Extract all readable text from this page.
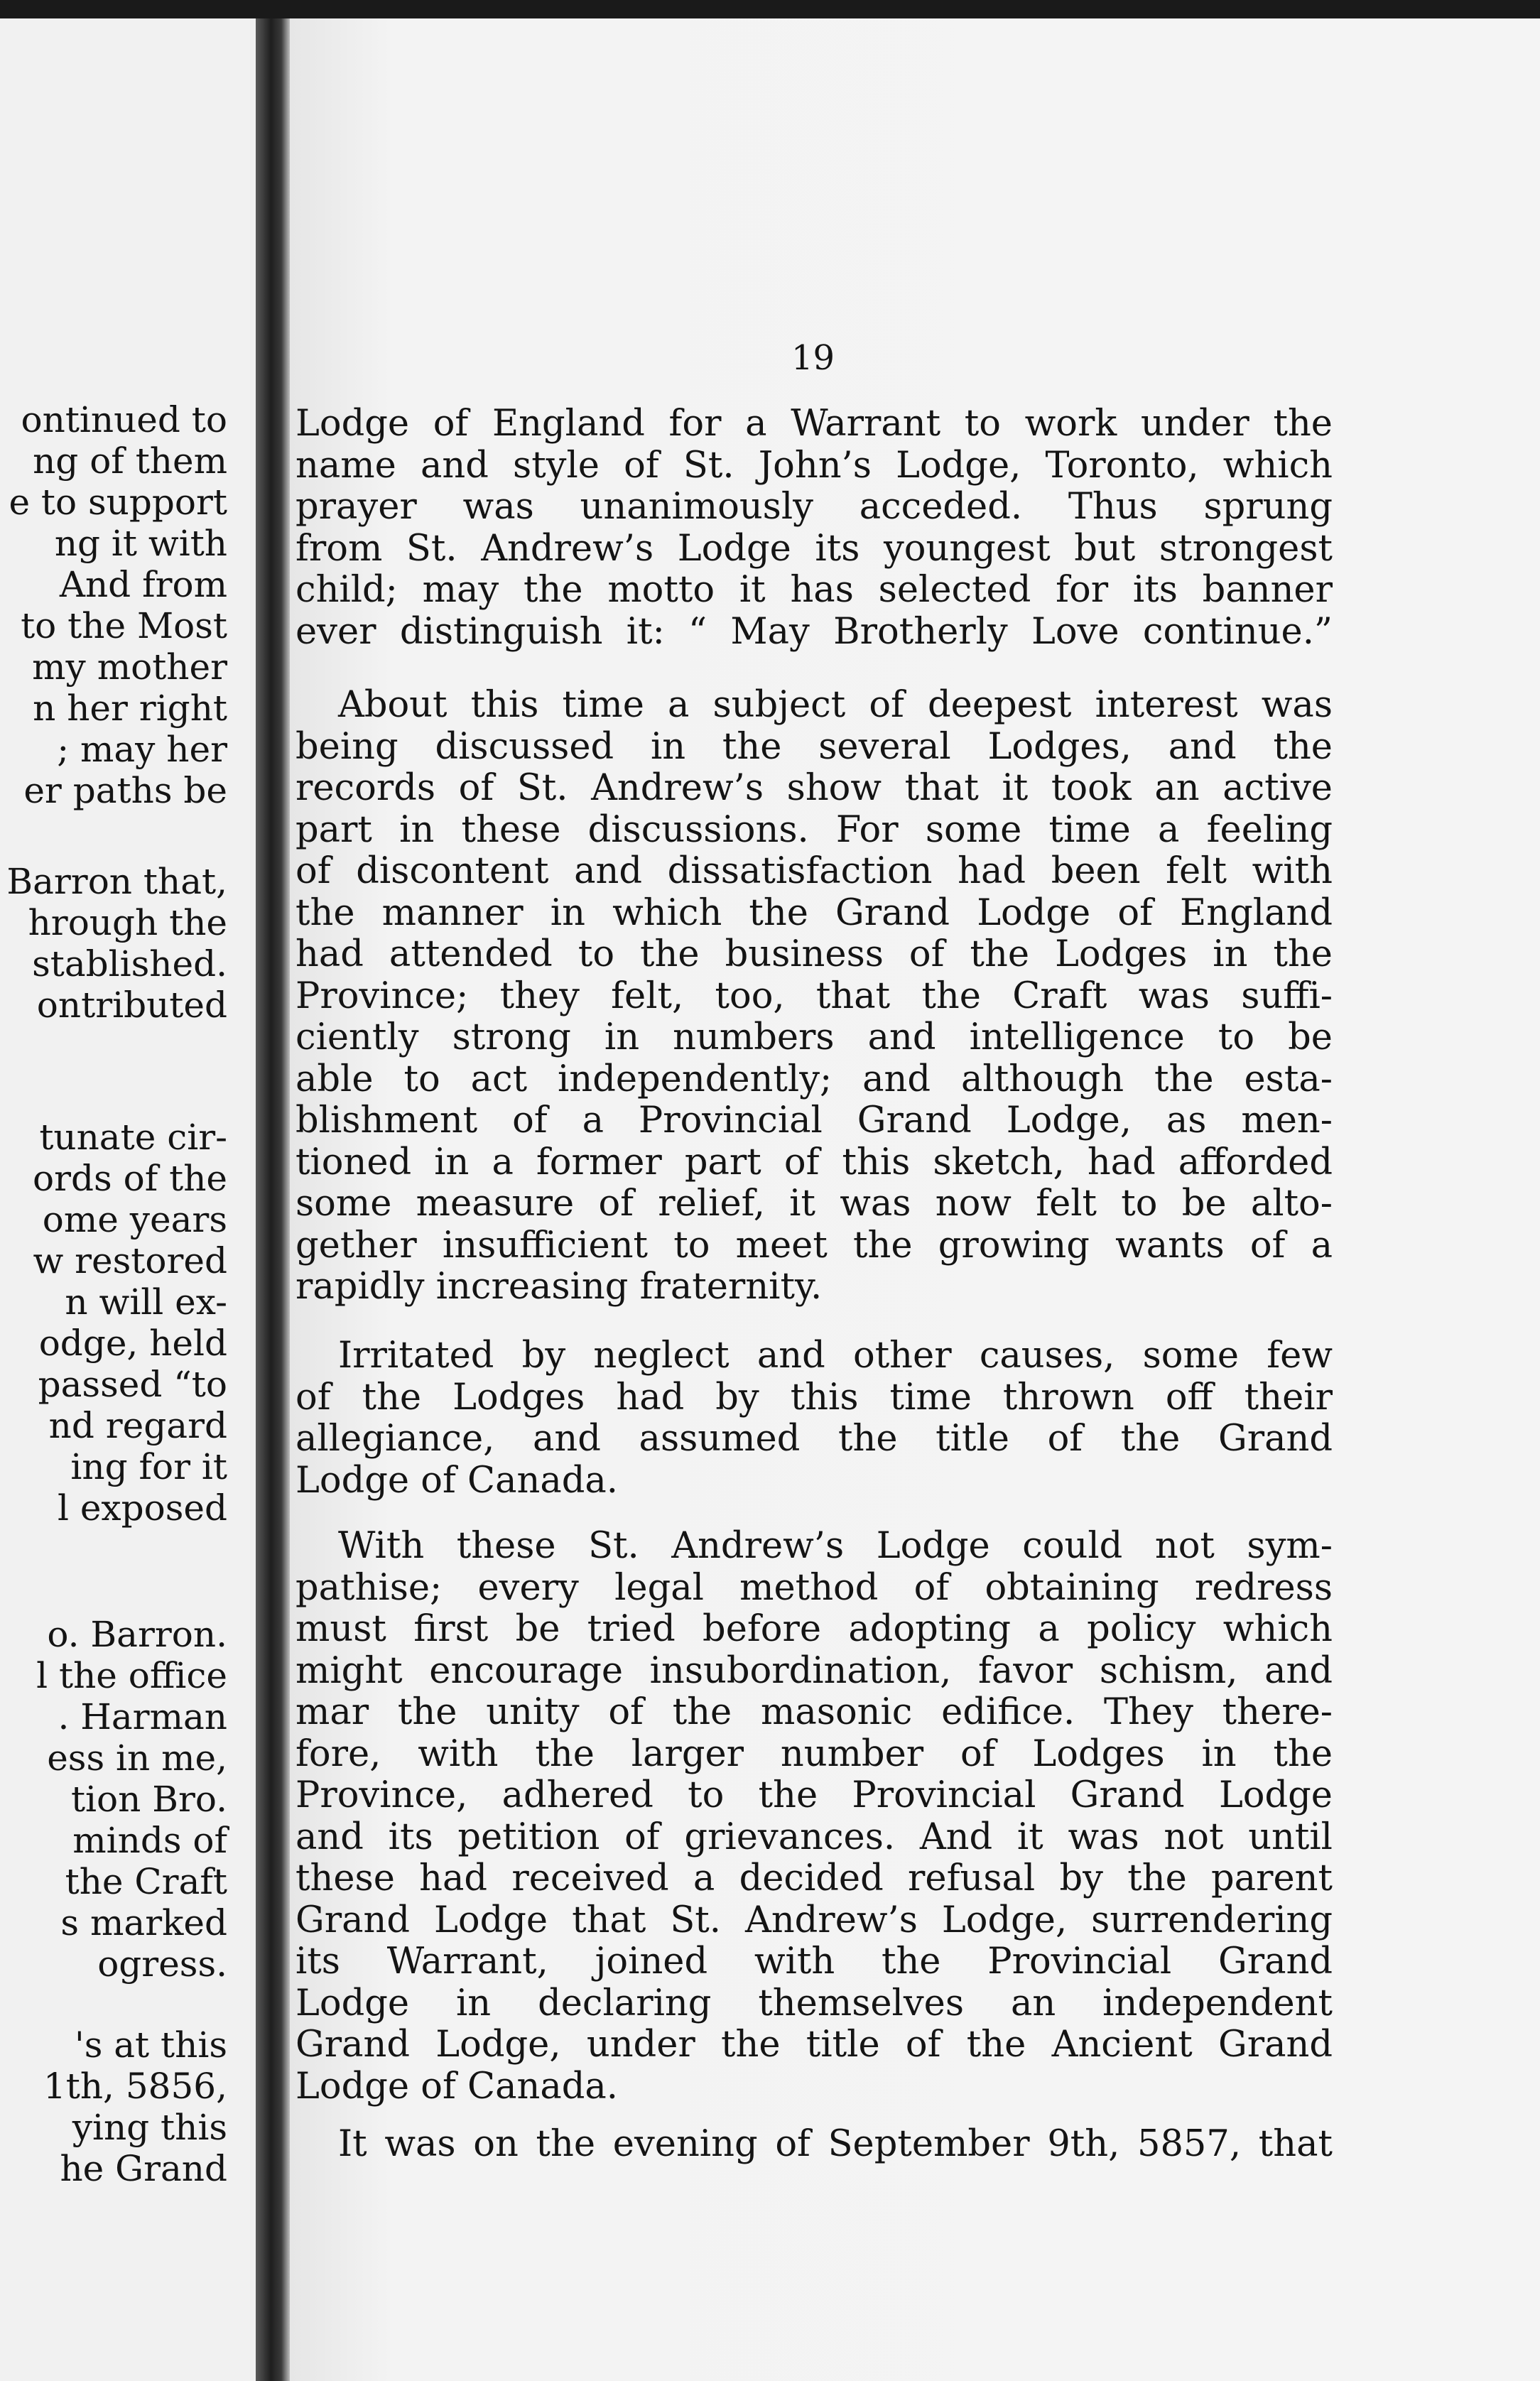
ontinued to
ng of them
e to support
ng it with
And from
to the Most
my mother
n her right
; may her
er paths be
Barron that,
hrough the
stablished.
ontributed
tunate cir-
ords of the
ome years
w restored
n will ex-
odge, held
passed “to
nd regard
ing for it
l exposed
o. Barron.
l the office
. Harman
ess in me,
tion Bro.
minds of
the Craft
s marked
ogress.
's at this
1th, 5856,
ying this
he Grand
19
Lodge of England for a Warrant to work under the
name and style of St. John’s Lodge, Toronto, which
prayer was unanimously acceded. Thus sprung
from St. Andrew’s Lodge its youngest but strongest
child; may the motto it has selected for its banner
ever distinguish it: “ May Brotherly Love continue.”
About this time a subject of deepest interest was
being discussed in the several Lodges, and the
records of St. Andrew’s show that it took an active
part in these discussions. For some time a feeling
of discontent and dissatisfaction had been felt with
the manner in which the Grand Lodge of England
had attended to the business of the Lodges in the
Province; they felt, too, that the Craft was suffi-
ciently strong in numbers and intelligence to be
able to act independently; and although the esta-
blishment of a Provincial Grand Lodge, as men-
tioned in a former part of this sketch, had afforded
some measure of relief, it was now felt to be alto-
gether insufficient to meet the growing wants of a
rapidly increasing fraternity.
Irritated by neglect and other causes, some few
of the Lodges had by this time thrown off their
allegiance, and assumed the title of the Grand
Lodge of Canada.
With these St. Andrew’s Lodge could not sym-
pathise; every legal method of obtaining redress
must first be tried before adopting a policy which
might encourage insubordination, favor schism, and
mar the unity of the masonic edifice. They there-
fore, with the larger number of Lodges in the
Province, adhered to the Provincial Grand Lodge
and its petition of grievances. And it was not until
these had received a decided refusal by the parent
Grand Lodge that St. Andrew’s Lodge, surrendering
its Warrant, joined with the Provincial Grand
Lodge in declaring themselves an independent
Grand Lodge, under the title of the Ancient Grand
Lodge of Canada.
It was on the evening of September 9th, 5857, that
